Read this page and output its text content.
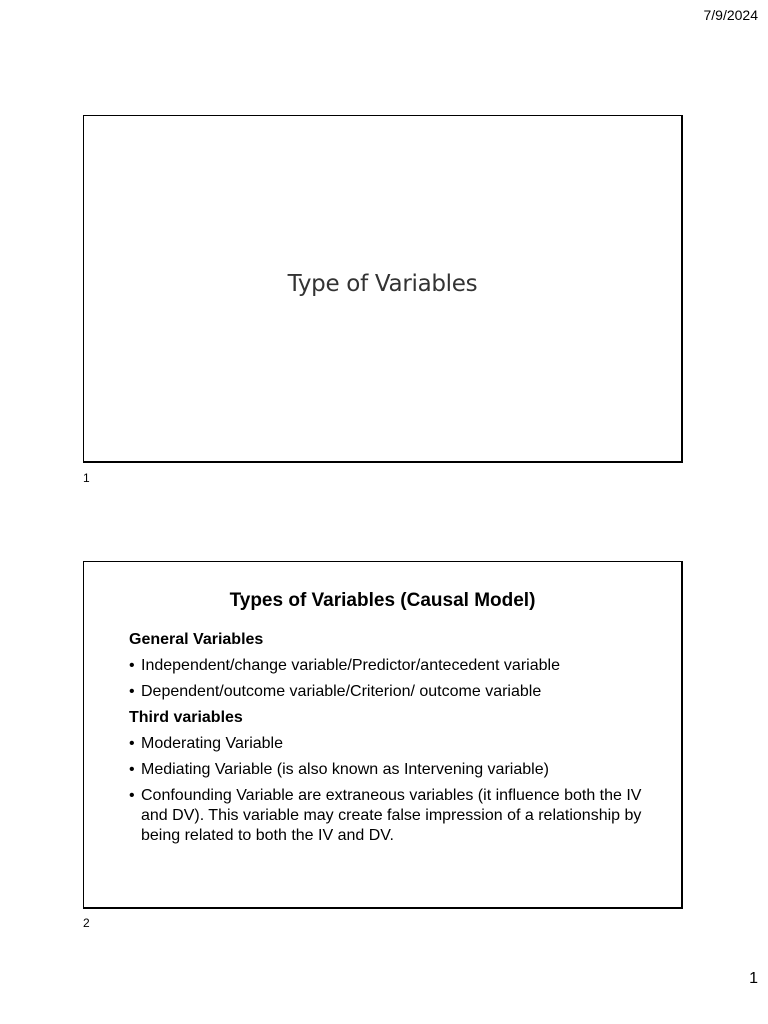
7/9/2024
Type of Variables
1
Types of Variables (Causal Model)
General Variables
• Independent/change variable/Predictor/antecedent variable
• Dependent/outcome variable/Criterion/ outcome variable
Third variables
• Moderating Variable
• Mediating Variable (is also known as Intervening variable)
• Confounding Variable are extraneous variables (it influence both the IV and DV). This variable may create false impression of a relationship by being related to both the IV and DV.
2
1
